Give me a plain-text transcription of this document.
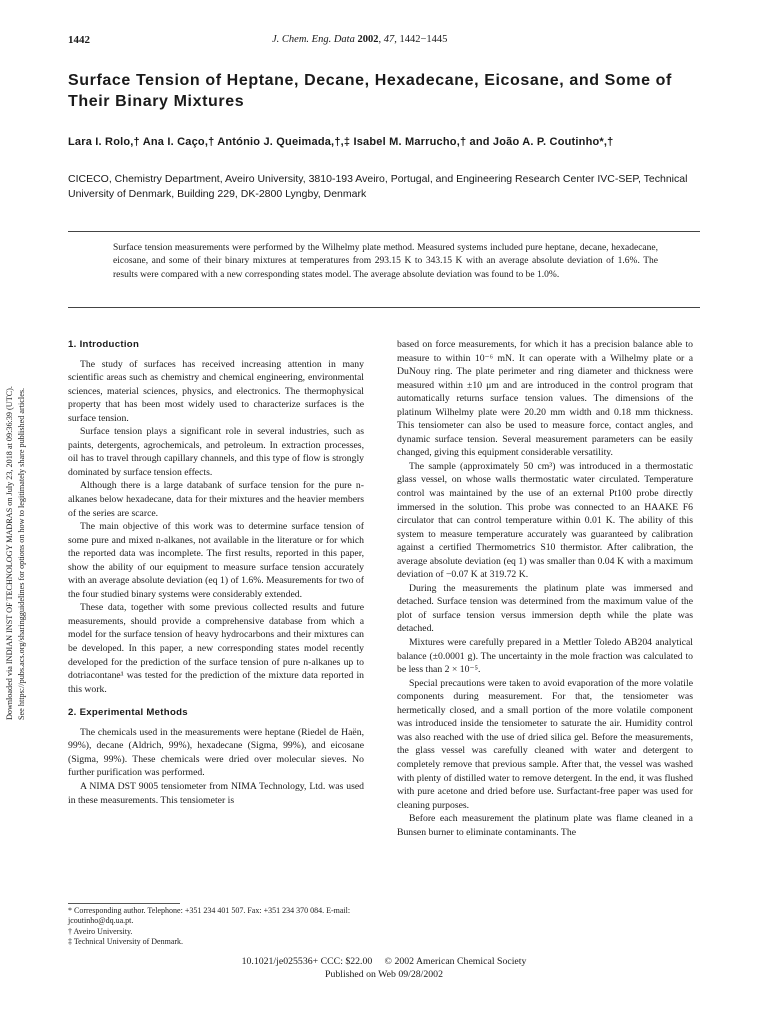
1442	J. Chem. Eng. Data 2002, 47, 1442−1445
Surface Tension of Heptane, Decane, Hexadecane, Eicosane, and Some of Their Binary Mixtures
Lara I. Rolo,† Ana I. Caço,† António J. Queimada,†,‡ Isabel M. Marrucho,† and João A. P. Coutinho*,†
CICECO, Chemistry Department, Aveiro University, 3810-193 Aveiro, Portugal, and Engineering Research Center IVC-SEP, Technical University of Denmark, Building 229, DK-2800 Lyngby, Denmark
Surface tension measurements were performed by the Wilhelmy plate method. Measured systems included pure heptane, decane, hexadecane, eicosane, and some of their binary mixtures at temperatures from 293.15 K to 343.15 K with an average absolute deviation of 1.6%. The results were compared with a new corresponding states model. The average absolute deviation was found to be 1.0%.
Downloaded via INDIAN INST OF TECHNOLOGY MADRAS on July 23, 2018 at 09:36:39 (UTC). See https://pubs.acs.org/sharingguidelines for options on how to legitimately share published articles.
1. Introduction

The study of surfaces has received increasing attention in many scientific areas such as chemistry and chemical engineering, environmental sciences, material sciences, physics, and electronics. The thermophysical property that has been most widely used to characterize surfaces is the surface tension.

Surface tension plays a significant role in several industries, such as paints, detergents, agrochemicals, and petroleum. In extraction processes, oil has to travel through capillary channels, and this type of flow is strongly dominated by surface tension effects.

Although there is a large databank of surface tension for the pure n-alkanes below hexadecane, data for their mixtures and the heavier members of the series are scarce.

The main objective of this work was to determine surface tension of some pure and mixed n-alkanes, not available in the literature or for which the reported data was incomplete. The first results, reported in this paper, show the ability of our equipment to measure surface tension accurately with an average absolute deviation (eq 1) of 1.6%. Measurements for two of the four studied binary systems were considerably extended.

These data, together with some previous collected results and future measurements, should provide a comprehensive database from which a model for the surface tension of heavy hydrocarbons and their mixtures can be developed. In this paper, a new corresponding states model recently developed for the prediction of the surface tension of pure n-alkanes up to dotriacontane¹ was tested for the prediction of the mixture data reported in this work.

2. Experimental Methods

The chemicals used in the measurements were heptane (Riedel de Haën, 99%), decane (Aldrich, 99%), hexadecane (Sigma, 99%), and eicosane (Sigma, 99%). These chemicals were dried over molecular sieves. No further purification was performed.

A NIMA DST 9005 tensiometer from NIMA Technology, Ltd. was used in these measurements. This tensiometer is

based on force measurements, for which it has a precision balance able to measure to within 10⁻⁶ mN. It can operate with a Wilhelmy plate or a DuNouy ring. The plate perimeter and ring diameter and thickness were measured within ±10 μm and are introduced in the control program that automatically returns surface tension values. The dimensions of the platinum Wilhelmy plate were 20.20 mm width and 0.18 mm thickness. This tensiometer can also be used to measure force, contact angles, and dynamic surface tension. Several measurement parameters can be easily changed, giving this equipment considerable versatility.

The sample (approximately 50 cm³) was introduced in a thermostatic glass vessel, on whose walls thermostatic water circulated. Temperature control was maintained by the use of an external Pt100 probe directly immersed in the solution. This probe was connected to an HAAKE F6 circulator that can control temperature within 0.01 K. The ability of this system to measure temperature accurately was guaranteed by calibration against a certified Thermometrics S10 thermistor. After calibration, the average absolute deviation (eq 1) was smaller than 0.04 K with a maximum deviation of −0.07 K at 319.72 K.

During the measurements the platinum plate was immersed and detached. Surface tension was determined from the maximum value of the plot of surface tension versus immersion depth while the plate was detached.

Mixtures were carefully prepared in a Mettler Toledo AB204 analytical balance (±0.0001 g). The uncertainty in the mole fraction was calculated to be less than 2 × 10⁻⁵.

Special precautions were taken to avoid evaporation of the more volatile components during measurement. For that, the tensiometer was hermetically closed, and a small portion of the more volatile component was introduced inside the tensiometer to saturate the air. Humidity control was also reached with the use of dried silica gel. Before the measurements, the glass vessel was carefully cleaned with water and detergent to completely remove that previous sample. After that, the vessel was washed with plenty of distilled water to remove detergent. In the end, it was flushed with pure acetone and dried before use. Surfactant-free paper was used for cleaning purposes.

Before each measurement the platinum plate was flame cleaned in a Bunsen burner to eliminate contaminants. The

* Corresponding author. Telephone: +351 234 401 507. Fax: +351 234 370 084. E-mail: jcoutinho@dq.ua.pt.
† Aveiro University.
‡ Technical University of Denmark.
10.1021/je025536+ CCC: $22.00     © 2002 American Chemical Society
Published on Web 09/28/2002
